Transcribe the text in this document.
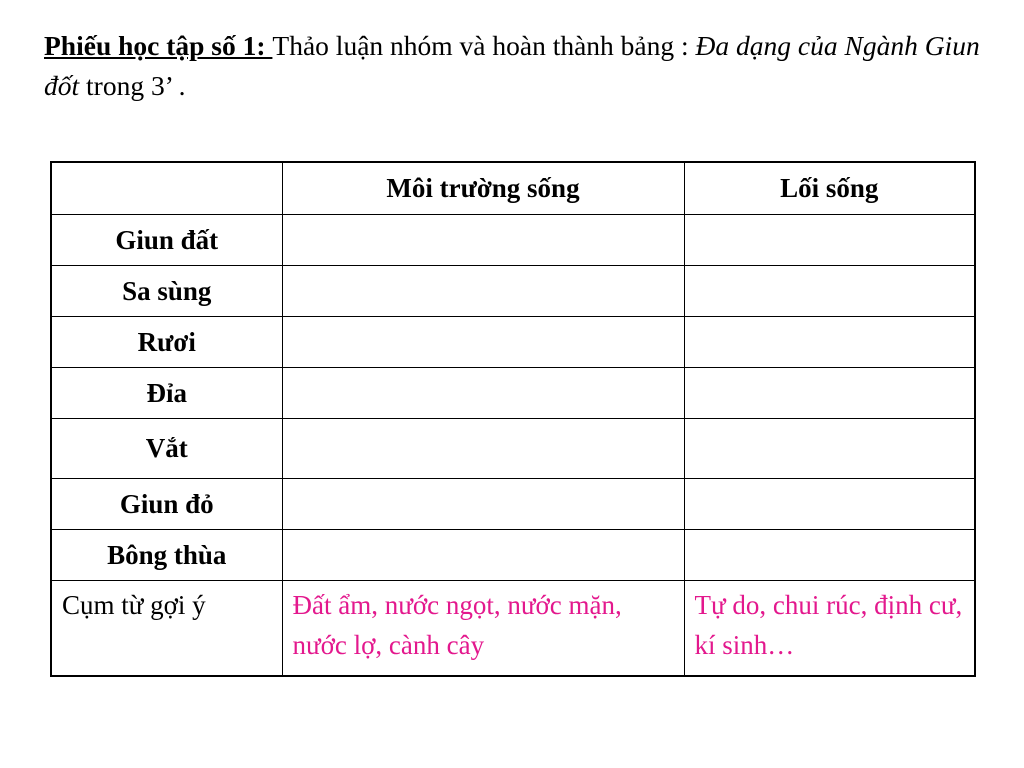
Phiếu học tập số 1: Thảo luận nhóm và hoàn thành bảng : Đa dạng của Ngành Giun đốt trong 3’ .
	Môi trường sống	Lối sống
Giun đất		
Sa sùng		
Rươi		
Đỉa		
Vắt		
Giun đỏ		
Bông thùa		
Cụm từ gợi ý	Đất ẩm, nước ngọt, nước mặn, nước lợ, cành cây	Tự do, chui rúc, định cư, kí sinh…
